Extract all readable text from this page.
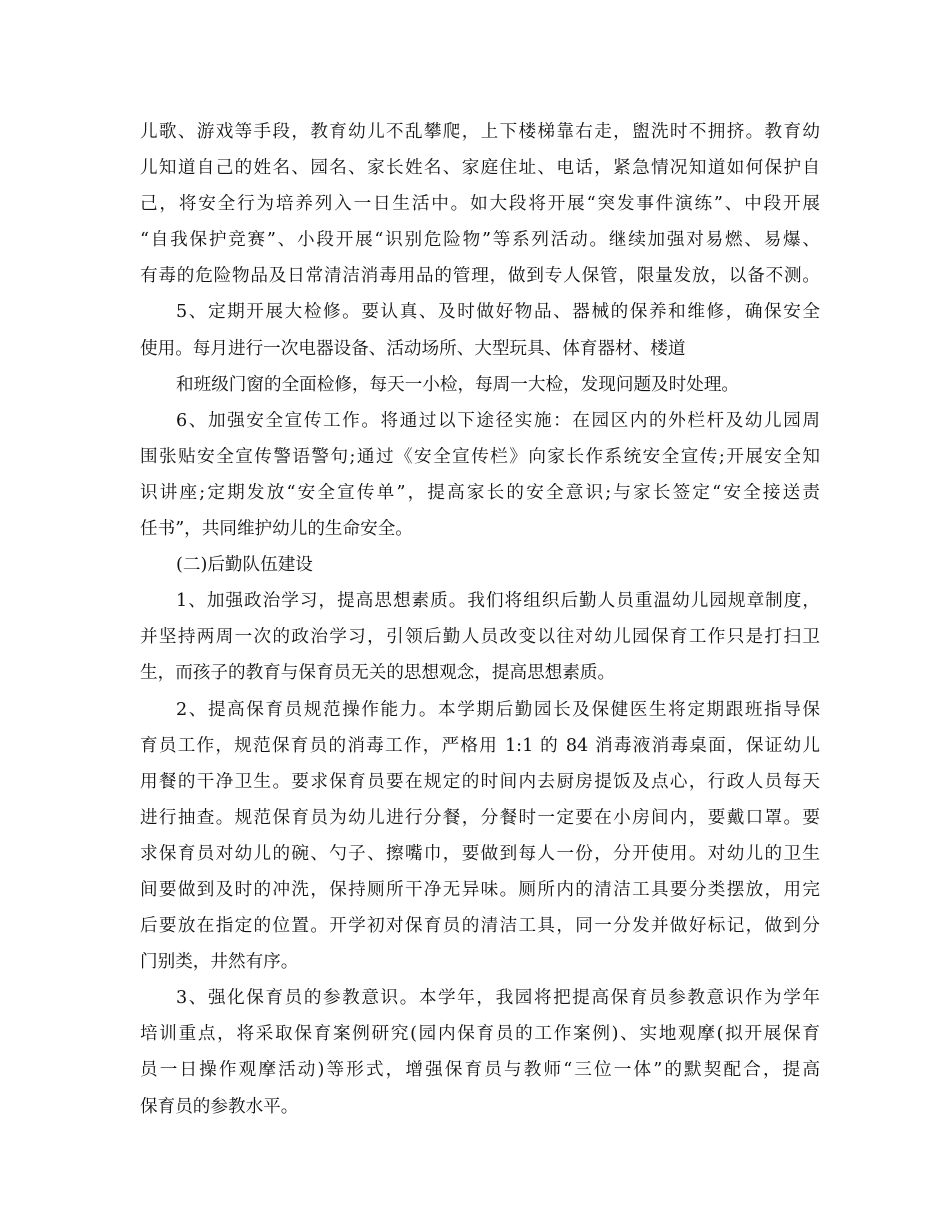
儿歌、游戏等手段，教育幼儿不乱攀爬，上下楼梯靠右走，盥洗时不拥挤。教育幼
儿知道自己的姓名、园名、家长姓名、家庭住址、电话，紧急情况知道如何保护自
己，将安全行为培养列入一日生活中。如大段将开展“突发事件演练”、中段开展
“自我保护竞赛”、小段开展“识别危险物”等系列活动。继续加强对易燃、易爆、
有毒的危险物品及日常清洁消毒用品的管理，做到专人保管，限量发放，以备不测。
5、定期开展大检修。要认真、及时做好物品、器械的保养和维修，确保安全
使用。每月进行一次电器设备、活动场所、大型玩具、体育器材、楼道
和班级门窗的全面检修，每天一小检，每周一大检，发现问题及时处理。
6、加强安全宣传工作。将通过以下途径实施：在园区内的外栏杆及幼儿园周
围张贴安全宣传警语警句;通过《安全宣传栏》向家长作系统安全宣传;开展安全知
识讲座;定期发放“安全宣传单”，提高家长的安全意识;与家长签定“安全接送责
任书”，共同维护幼儿的生命安全。
(二)后勤队伍建设
1、加强政治学习，提高思想素质。我们将组织后勤人员重温幼儿园规章制度，
并坚持两周一次的政治学习，引领后勤人员改变以往对幼儿园保育工作只是打扫卫
生，而孩子的教育与保育员无关的思想观念，提高思想素质。
2、提高保育员规范操作能力。本学期后勤园长及保健医生将定期跟班指导保
育员工作，规范保育员的消毒工作，严格用 1:1 的 84 消毒液消毒桌面，保证幼儿
用餐的干净卫生。要求保育员要在规定的时间内去厨房提饭及点心，行政人员每天
进行抽查。规范保育员为幼儿进行分餐，分餐时一定要在小房间内，要戴口罩。要
求保育员对幼儿的碗、勺子、擦嘴巾，要做到每人一份，分开使用。对幼儿的卫生
间要做到及时的冲洗，保持厕所干净无异味。厕所内的清洁工具要分类摆放，用完
后要放在指定的位置。开学初对保育员的清洁工具，同一分发并做好标记，做到分
门别类，井然有序。
3、强化保育员的参教意识。本学年，我园将把提高保育员参教意识作为学年
培训重点，将采取保育案例研究(园内保育员的工作案例)、实地观摩(拟开展保育
员一日操作观摩活动)等形式，增强保育员与教师“三位一体”的默契配合，提高
保育员的参教水平。
